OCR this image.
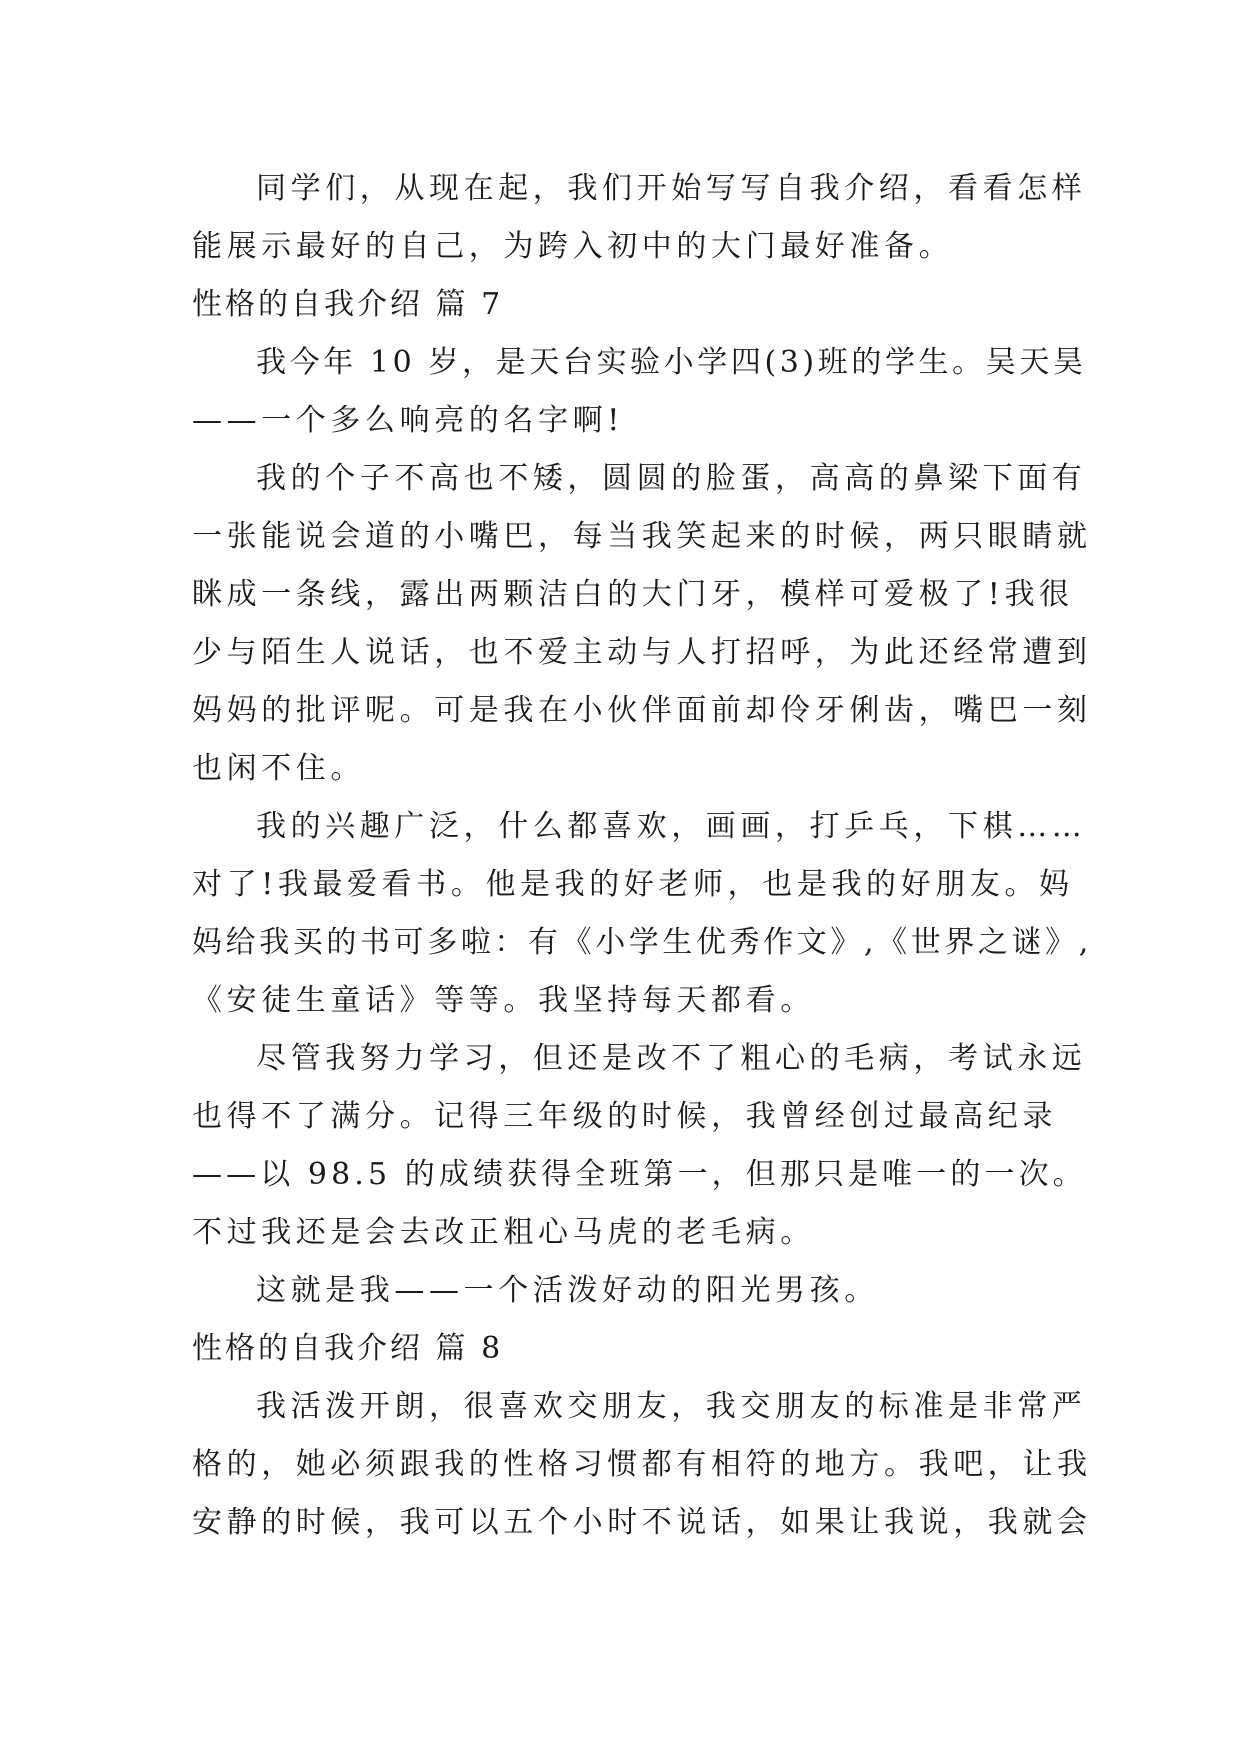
同学们，从现在起，我们开始写写自我介绍，看看怎样
能展示最好的自己，为跨入初中的大门最好准备。
性格的自我介绍 篇 7
我今年 10 岁，是天台实验小学四(3)班的学生。吴天昊
——一个多么响亮的名字啊!
我的个子不高也不矮，圆圆的脸蛋，高高的鼻梁下面有
一张能说会道的小嘴巴，每当我笑起来的时候，两只眼睛就
眯成一条线，露出两颗洁白的大门牙，模样可爱极了!我很
少与陌生人说话，也不爱主动与人打招呼，为此还经常遭到
妈妈的批评呢。可是我在小伙伴面前却伶牙俐齿，嘴巴一刻
也闲不住。
我的兴趣广泛，什么都喜欢，画画，打乒乓，下棋……
对了!我最爱看书。他是我的好老师，也是我的好朋友。妈
妈给我买的书可多啦：有《小学生优秀作文》,《世界之谜》,
《安徒生童话》等等。我坚持每天都看。
尽管我努力学习，但还是改不了粗心的毛病，考试永远
也得不了满分。记得三年级的时候，我曾经创过最高纪录
——以 98.5 的成绩获得全班第一，但那只是唯一的一次。
不过我还是会去改正粗心马虎的老毛病。
这就是我——一个活泼好动的阳光男孩。
性格的自我介绍 篇 8
我活泼开朗，很喜欢交朋友，我交朋友的标准是非常严
格的，她必须跟我的性格习惯都有相符的地方。我吧，让我
安静的时候，我可以五个小时不说话，如果让我说，我就会
